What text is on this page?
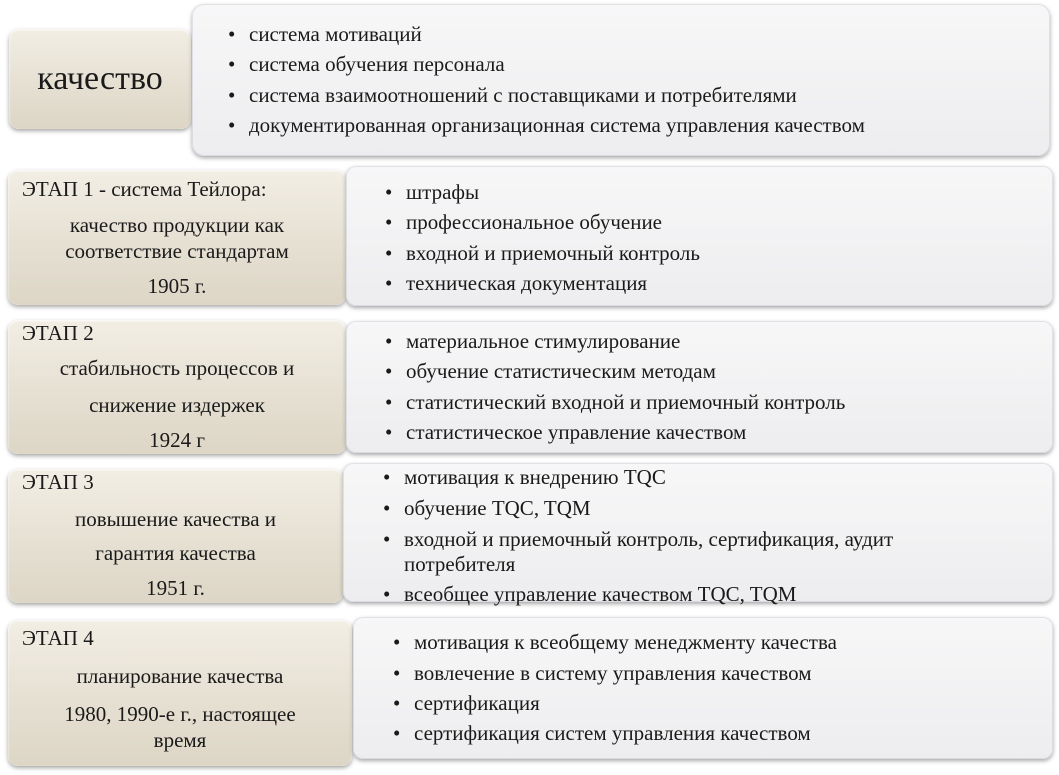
качество
• система мотиваций
• система обучения персонала
• система взаимоотношений с поставщиками и потребителями
• документированная организационная система управления качеством
ЭТАП 1 - система Тейлора:
качество продукции как
соответствие стандартам
1905 г.
• штрафы
• профессиональное обучение
• входной и приемочный контроль
• техническая документация
ЭТАП 2
стабильность процессов и
снижение издержек
1924 г
• материальное стимулирование
• обучение статистическим методам
• статистический входной и приемочный контроль
• статистическое управление качеством
ЭТАП 3
повышение качества и
гарантия качества
1951 г.
• мотивация к внедрению TQC
• обучение TQC, TQM
• входной и приемочный контроль, сертификация, аудит
потребителя
• всеобщее управление качеством TQC, TQM
ЭТАП 4
планирование качества
1980, 1990-е г., настоящее
время
• мотивация к всеобщему менеджменту качества
• вовлечение в систему управления качеством
• сертификация
• сертификация систем управления качеством
